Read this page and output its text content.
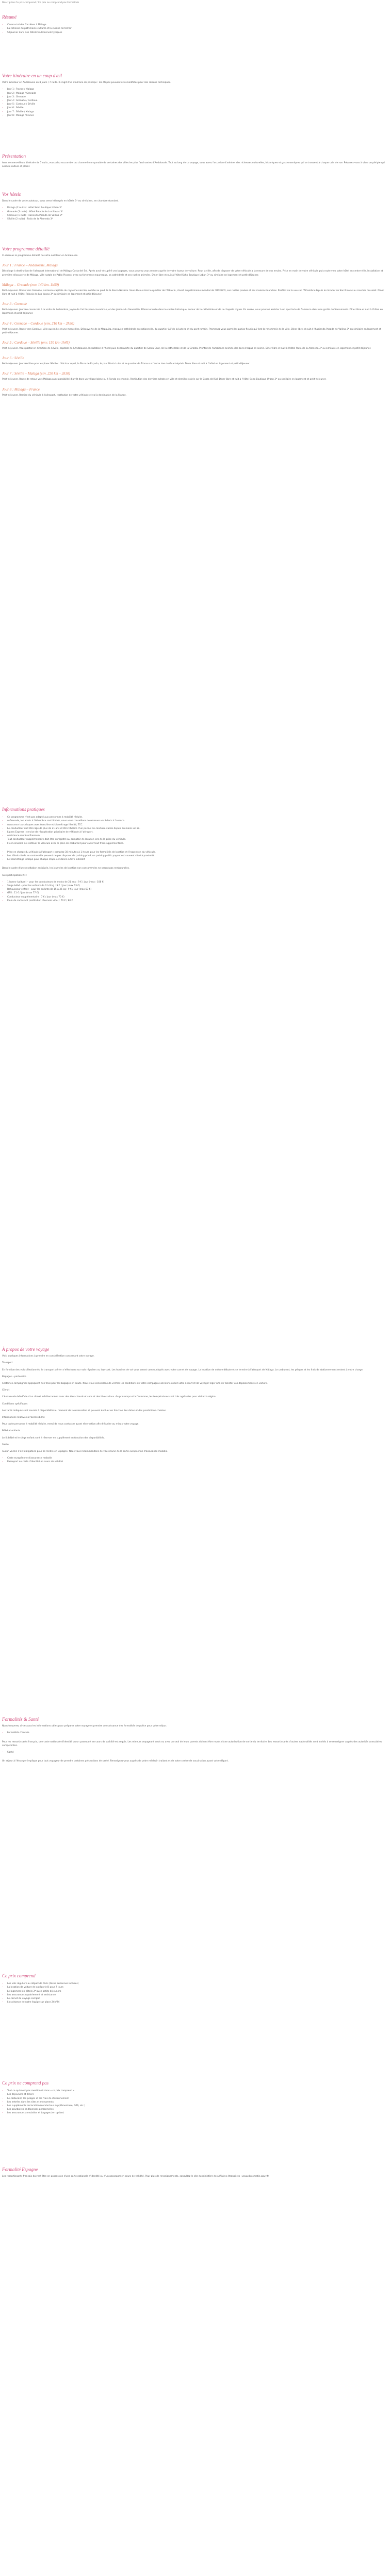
Description Ce prix comprend / Ce prix ne comprend pas Formalités

Résumé
• Cinema tel des Carrières à Málaga
• La richesse du patrimoine culturel et la cuisine de terroir
• Séjourner dans des hôtels traditionnels typiques
Votre itinéraire en un coup d'œil

Votre autotour en Andalousie en 8 jours / 7 nuits. Il s'agit d'un itinéraire de principe : les étapes peuvent être modifiées pour des raisons techniques.

• Jour 1 : France / Malaga
• Jour 2 : Malaga / Grenade
• Jour 3 : Grenade
• Jour 4 : Grenade / Cordoue
• Jour 5 : Cordoue / Séville
• Jour 6 : Séville
• Jour 7 : Séville / Malaga
• Jour 8 : Malaga / France
Présentation

Avec ce merveilleux itinéraire de 7 nuits, vous allez succomber au charme incomparable de certaines des villes les plus fascinantes d'Andalousie. Tout au long de ce voyage, vous aurez l'occasion d'admirer des richesses culturelles, historiques et gastronomiques qui se trouvent à chaque coin de rue. Préparez-vous à vivre un périple qui associe culture et plaisir.

Vos hôtels

Dans le cadre de votre autotour, vous serez hébergés en hôtels 3* ou similaires, en chambre standard.

• Malaga (2 nuits) : Hôtel Soho Boutique Urban 3*
• Grenade (2 nuits) : Hôtel Palacio de Los Navas 3*
• Cordoue (1 nuit) : Hacienda Posada de Vallina 3*
• Séville (2 nuits) : Patio de la Alameda 3*
Votre programme détaillé

Ci-dessous le programme détaillé de votre autotour en Andalousie.

Jour 1 : France – Andalousie, Malaga

Décollage à destination de l'aéroport international de Málaga-Costa del Sol. Après avoir récupéré vos bagages, vous pourrez vous rendre auprès de votre loueur de voiture. Pour la ville, afin de disposer de votre véhicule à la mesure de vos envies. Prise en main de votre véhicule puis route vers votre hôtel en centre-ville. Installation et première découverte de Málaga, ville natale de Pablo Picasso, avec sa forteresse mauresque, sa cathédrale et ses ruelles animées. Dîner libre et nuit à l'hôtel Soho Boutique Urban 3* ou similaire en logement et petit-déjeuner.

Málaga – Grenade (env. 140 km–1h50)

Petit-déjeuner. Route vers Grenade, ancienne capitale du royaume nasride, nichée au pied de la Sierra Nevada. Vous découvrirez le quartier de l'Albaicín, classé au patrimoine mondial de l'UNESCO, ses ruelles pavées et ses maisons blanches. Profitez de la vue sur l'Alhambra depuis le mirador de San Nicolás au coucher du soleil. Dîner libre et nuit à l'Hôtel Palacio de Los Navas 3* ou similaire en logement et petit-déjeuner.

Jour 3 : Grenade

Petit-déjeuner. Journée consacrée à la visite de l'Alhambra, joyau de l'art hispano-musulman, et des jardins du Generalife. Flânez ensuite dans le centre historique, autour de la cathédrale et de la chapelle royale. En soirée, vous pourrez assister à un spectacle de flamenco dans une grotte du Sacromonte. Dîner libre et nuit à l'hôtel en logement et petit-déjeuner.

Jour 4 : Grenade – Cordoue (env. 210 km – 2h30)

Petit-déjeuner. Route vers Cordoue, ville aux mille et une merveilles. Découverte de la Mezquita, mosquée-cathédrale exceptionnelle, du quartier juif de la Judería et du pont romain. Promenez-vous parmi les patios fleuris qui font la renommée de la ville. Dîner libre et nuit à l'hacienda Posada de Vallina 3* ou similaire en logement et petit-déjeuner.

Jour 5 : Cordoue – Séville (env. 150 km–1h45)

Petit-déjeuner. Vous partez en direction de Séville, capitale de l'Andalousie. Installation à l'hôtel puis découverte du quartier de Santa Cruz, de la cathédrale et de la Giralda. Profitez de l'ambiance animée des bars à tapas en soirée. Dîner libre et nuit à l'hôtel Patio de la Alameda 3* ou similaire en logement et petit-déjeuner.

Jour 6 : Séville

Petit-déjeuner. Journée libre pour explorer Séville : l'Alcázar royal, la Plaza de España, le parc María Luisa et le quartier de Triana sur l'autre rive du Guadalquivir. Dîner libre et nuit à l'hôtel en logement et petit-déjeuner.

Jour 7 : Séville – Malaga (env. 220 km – 2h30)

Petit-déjeuner. Route de retour vers Málaga avec possibilité d'arrêt dans un village blanc ou à Ronda en chemin. Restitution des derniers achats en ville et dernière soirée sur la Costa del Sol. Dîner libre et nuit à l'Hôtel Soho Boutique Urban 3* ou similaire en logement et petit-déjeuner.

Jour 8 : Malaga – France

Petit-déjeuner. Remise du véhicule à l'aéroport, restitution de votre véhicule et vol à destination de la France.

Informations pratiques
• Ce programme n'est pas adapté aux personnes à mobilité réduite.
• À Grenade, les accès à l'Alhambra sont limités, nous vous conseillons de réserver vos billets à l'avance.
• Assurance tous risques avec franchise et kilométrage illimité, TCC.
• Le conducteur doit être âgé de plus de 21 ans et être titulaire d'un permis de conduire valide depuis au moins un an.
• Lignes Express : service de récupération prioritaire de véhicule à l'aéroport.
• Assistance routière Premium.
• Tout conducteur supplémentaire doit être enregistré au comptoir de location lors de la prise du véhicule.
• Il est conseillé de restituer le véhicule avec le plein de carburant pour éviter tout frais supplémentaire.
• Prise en charge du véhicule à l'aéroport : comptez 30 minutes à 1 heure pour les formalités de location et l'inspection du véhicule.
• Les hôtels situés en centre-ville peuvent ne pas disposer de parking privé, un parking public payant est souvent situé à proximité.
• Le kilométrage indiqué pour chaque étape est donné à titre indicatif.

Dans le cadre d'une restitution anticipée, les journées de location non consommées ne seront pas remboursées.

Avis participation (€) :

• 1 boxes (voiture) – pour les conducteurs de moins de 21 ans : 9 € / jour (max : 108 €)
• Siège bébé – pour les enfants de 0 à 9 kg : 9 € / jour (max 63 €)
• Rehausseur enfant – pour les enfants de 15 à 36 kg : 9 € / jour (max 63 €)
• GPS : 11 € / jour (max 77 €)
• Conducteur supplémentaire : 7 € / jour (max 70 €)
• Plein de carburant (restitution réservoir vide) : 70 € / 80 €
À propos de votre voyage

Voici quelques informations à prendre en considération concernant votre voyage.

Transport

En fonction des vols sélectionnés, le transport aérien s'effectuera sur vols réguliers ou low-cost. Les horaires de vol vous seront communiqués avec votre carnet de voyage. La location de voiture débute et se termine à l'aéroport de Málaga. Le carburant, les péages et les frais de stationnement restent à votre charge.

Bagages – partenaire

Certaines compagnies appliquent des frais pour les bagages en soute. Nous vous conseillons de vérifier les conditions de votre compagnie aérienne avant votre départ et de voyager léger afin de faciliter vos déplacements en voiture.

Climat

L'Andalousie bénéficie d'un climat méditerranéen avec des étés chauds et secs et des hivers doux. Au printemps et à l'automne, les températures sont très agréables pour visiter la région.

Conditions spécifiques

Les tarifs indiqués sont soumis à disponibilité au moment de la réservation et peuvent évoluer en fonction des dates et des prestations choisies.

Informations relatives à l'accessibilité

Pour toute personne à mobilité réduite, merci de nous contacter avant réservation afin d'étudier au mieux votre voyage.

Bébé et enfants

Le lit bébé et le siège enfant sont à réserver en supplément en fonction des disponibilités.

Santé

Aucun vaccin n'est obligatoire pour se rendre en Espagne. Nous vous recommandons de vous munir de la carte européenne d'assurance maladie.

• Carte européenne d'assurance maladie
• Passeport ou carte d'identité en cours de validité
Formalités & Santé

Nous trouverez ci-dessous les informations utiles pour préparer votre voyage et prendre connaissance des formalités de police pour votre séjour.

• Formalités d'entrée

Pour les ressortissants français, une carte nationale d'identité ou un passeport en cours de validité est requis. Les mineurs voyageant seuls ou avec un seul de leurs parents doivent être munis d'une autorisation de sortie du territoire. Les ressortissants d'autres nationalités sont invités à se renseigner auprès des autorités consulaires compétentes.

• Santé

Un séjour à l'étranger implique pour tout voyageur de prendre certaines précautions de santé. Renseignez-vous auprès de votre médecin traitant et de votre centre de vaccination avant votre départ.

Ce prix comprend
• Les vols réguliers au départ de Paris (taxes aériennes incluses)
• La location de voiture de catégorie B pour 7 jours
• Le logement en hôtels 3* avec petits-déjeuners
• Les assurances rapatriement et assistance
• Le carnet de voyage complet
• L'assistance de notre équipe sur place 24h/24
Ce prix ne comprend pas
• Tout ce qui n'est pas mentionné dans « ce prix comprend »
• Les déjeuners et dîners
• Le carburant, les péages et les frais de stationnement
• Les entrées dans les sites et monuments
• Les suppléments de location (conducteur supplémentaire, GPS, etc.)
• Les pourboires et dépenses personnelles
• Les assurances annulation et bagages (en option)
Formalité Espagne

Les ressortissants français doivent être en possession d'une carte nationale d'identité ou d'un passeport en cours de validité. Pour plus de renseignements, consultez le site du ministère des Affaires étrangères : www.diplomatie.gouv.fr
